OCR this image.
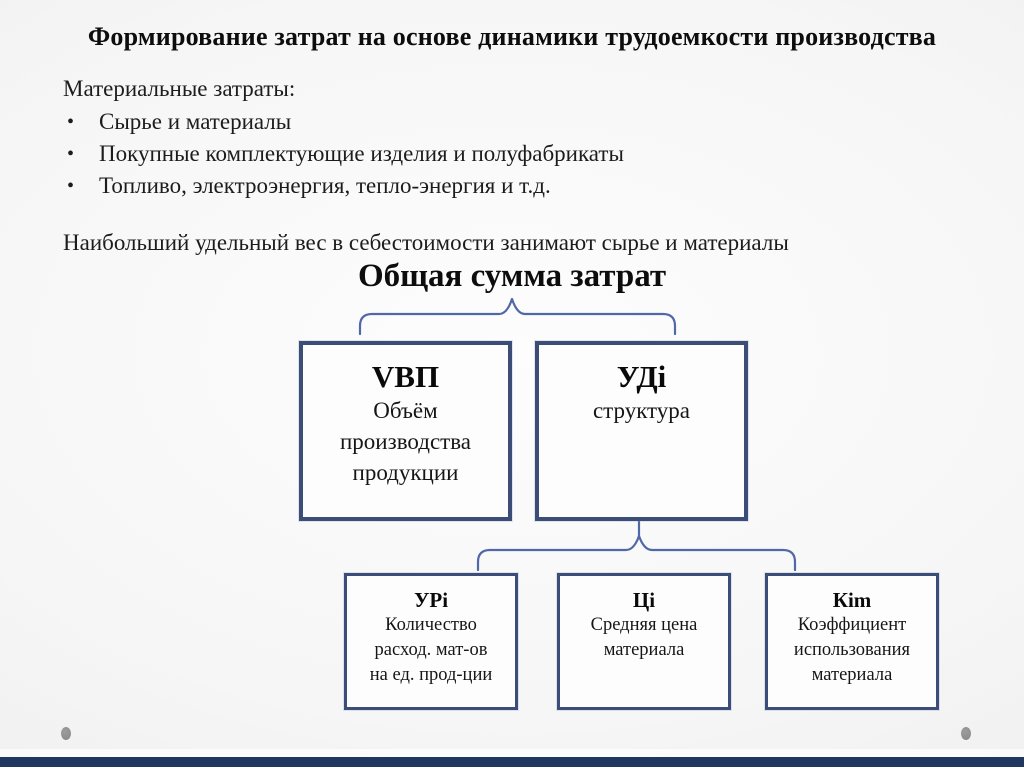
Формирование затрат на основе динамики трудоемкости производства
Материальные затраты:
• Сырье и материалы
• Покупные комплектующие изделия и полуфабрикаты
• Топливо, электроэнергия, тепло-энергия и т.д.
Наибольший удельный вес в себестоимости занимают сырье и материалы
Общая сумма затрат
VВП
Объём
производства
продукции
УДi
структура
УРi
Количество
расход. мат-ов
на ед. прод-ции
Цi
Средняя цена
материала
Кim
Коэффициент
использования
материала
